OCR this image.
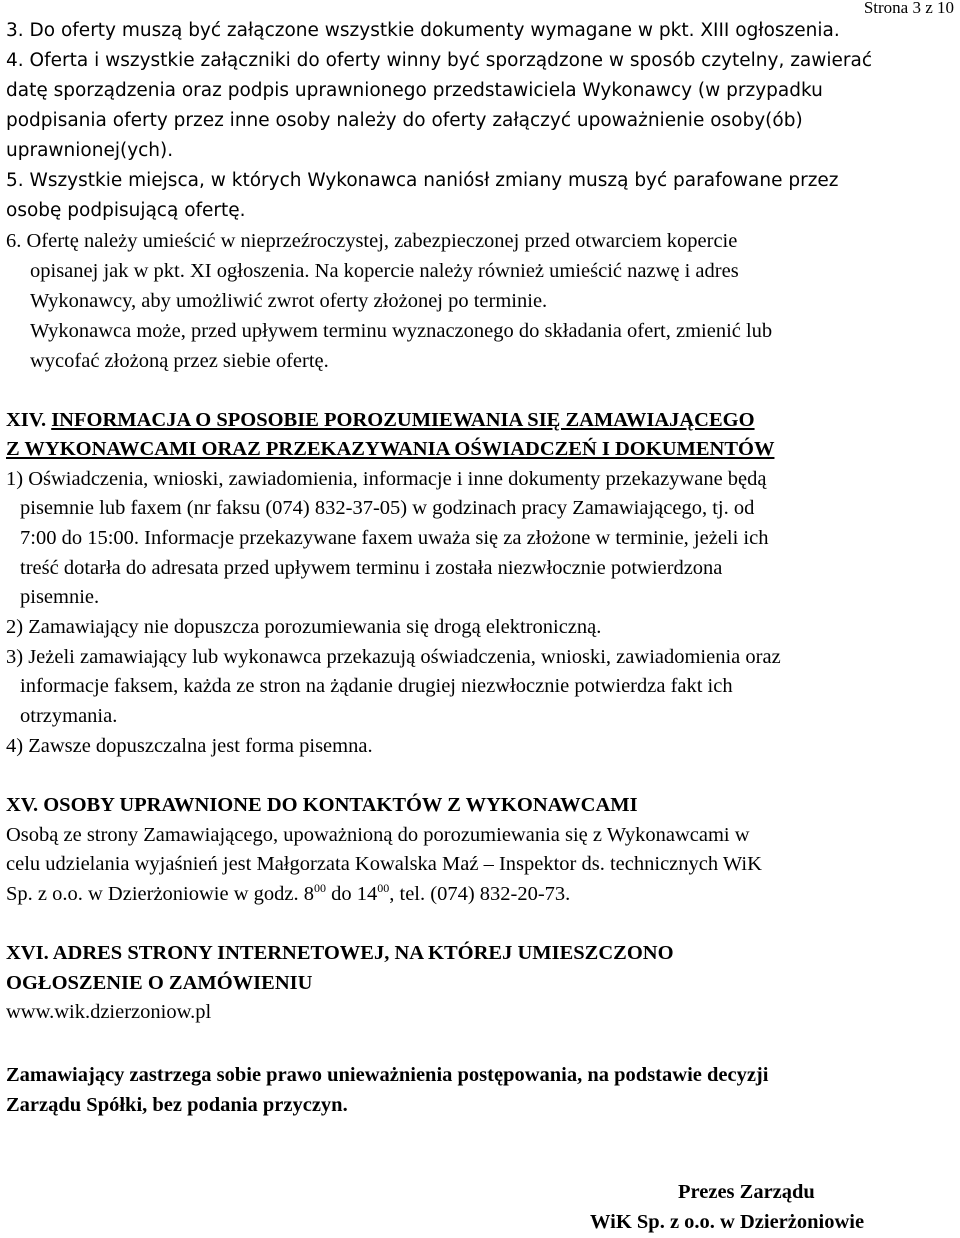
Strona 3 z 10
3. Do oferty muszą być załączone wszystkie dokumenty wymagane w pkt. XIII ogłoszenia.
4. Oferta i wszystkie załączniki do oferty winny być sporządzone w sposób czytelny, zawierać
datę sporządzenia oraz podpis uprawnionego przedstawiciela Wykonawcy (w przypadku
podpisania oferty przez inne osoby należy do oferty załączyć upoważnienie osoby(ób)
uprawnionej(ych).
5. Wszystkie miejsca, w których Wykonawca naniósł zmiany muszą być parafowane przez
osobę podpisującą ofertę.
6. Ofertę należy umieścić w nieprzeźroczystej, zabezpieczonej przed otwarciem kopercie
opisanej jak w pkt. XI ogłoszenia. Na kopercie należy również umieścić nazwę i adres
Wykonawcy, aby umożliwić zwrot oferty złożonej po terminie.
Wykonawca może, przed upływem terminu wyznaczonego do składania ofert, zmienić lub
wycofać złożoną przez siebie ofertę.
XIV. INFORMACJA O SPOSOBIE POROZUMIEWANIA SIĘ ZAMAWIAJĄCEGO
Z WYKONAWCAMI ORAZ PRZEKAZYWANIA OŚWIADCZEŃ I DOKUMENTÓW
1) Oświadczenia, wnioski, zawiadomienia, informacje i inne dokumenty przekazywane będą
pisemnie lub faxem (nr faksu (074) 832-37-05) w godzinach pracy Zamawiającego, tj. od
7:00 do 15:00. Informacje przekazywane faxem uważa się za złożone w terminie, jeżeli ich
treść dotarła do adresata przed upływem terminu i została niezwłocznie potwierdzona
pisemnie.
2) Zamawiający nie dopuszcza porozumiewania się drogą elektroniczną.
3) Jeżeli zamawiający lub wykonawca przekazują oświadczenia, wnioski, zawiadomienia oraz
informacje faksem, każda ze stron na żądanie drugiej niezwłocznie potwierdza fakt ich
otrzymania.
4) Zawsze dopuszczalna jest forma pisemna.
XV. OSOBY UPRAWNIONE DO KONTAKTÓW Z WYKONAWCAMI
Osobą ze strony Zamawiającego, upoważnioną do porozumiewania się z Wykonawcami w
celu udzielania wyjaśnień jest Małgorzata Kowalska Maź – Inspektor ds. technicznych WiK
Sp. z o.o. w Dzierżoniowie w godz. $8^{00}$ do $14^{00}$, tel. (074) 832-20-73.
XVI. ADRES STRONY INTERNETOWEJ, NA KTÓREJ UMIESZCZONO
OGŁOSZENIE O ZAMÓWIENIU
www.wik.dzierzoniow.pl
Zamawiający zastrzega sobie prawo unieważnienia postępowania, na podstawie decyzji
Zarządu Spółki, bez podania przyczyn.
Prezes Zarządu
WiK Sp. z o.o. w Dzierżoniowie
